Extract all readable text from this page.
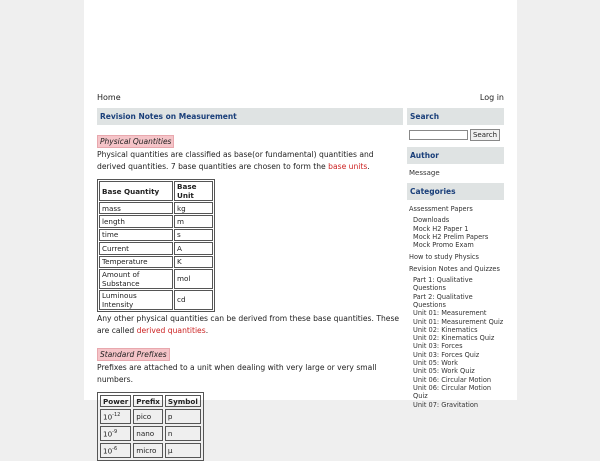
Home	Log in
Revision Notes on Measurement
Physical Quantities

Physical quantities are classified as base(or fundamental) quantities and derived quantities. 7 base quantities are chosen to form the base units.

Base Quantity	Base Unit
mass	kg
length	m
time	s
Current	A
Temperature	K
Amount of Substance	mol
Luminous Intensity	cd

Any other physical quantities can be derived from these base quantities. These are called derived quantities.

Standard Prefixes

Prefixes are attached to a unit when dealing with very large or very small numbers.

Power	Prefix	Symbol
$10^{-12}$	pico	p
$10^{-9}$	nano	n
$10^{-6}$	micro	μ
Search
Search
Author
Message
Categories
Assessment Papers
Downloads
Mock H2 Paper 1
Mock H2 Prelim Papers
Mock Promo Exam
How to study Physics
Revision Notes and Quizzes
Part 1: Qualitative Questions
Part 2: Qualitative Questions
Unit 01: Measurement
Unit 01: Measurement Quiz
Unit 02: Kinematics
Unit 02: Kinematics Quiz
Unit 03: Forces
Unit 03: Forces Quiz
Unit 05: Work
Unit 05: Work Quiz
Unit 06: Circular Motion
Unit 06: Circular Motion Quiz
Unit 07: Gravitation
